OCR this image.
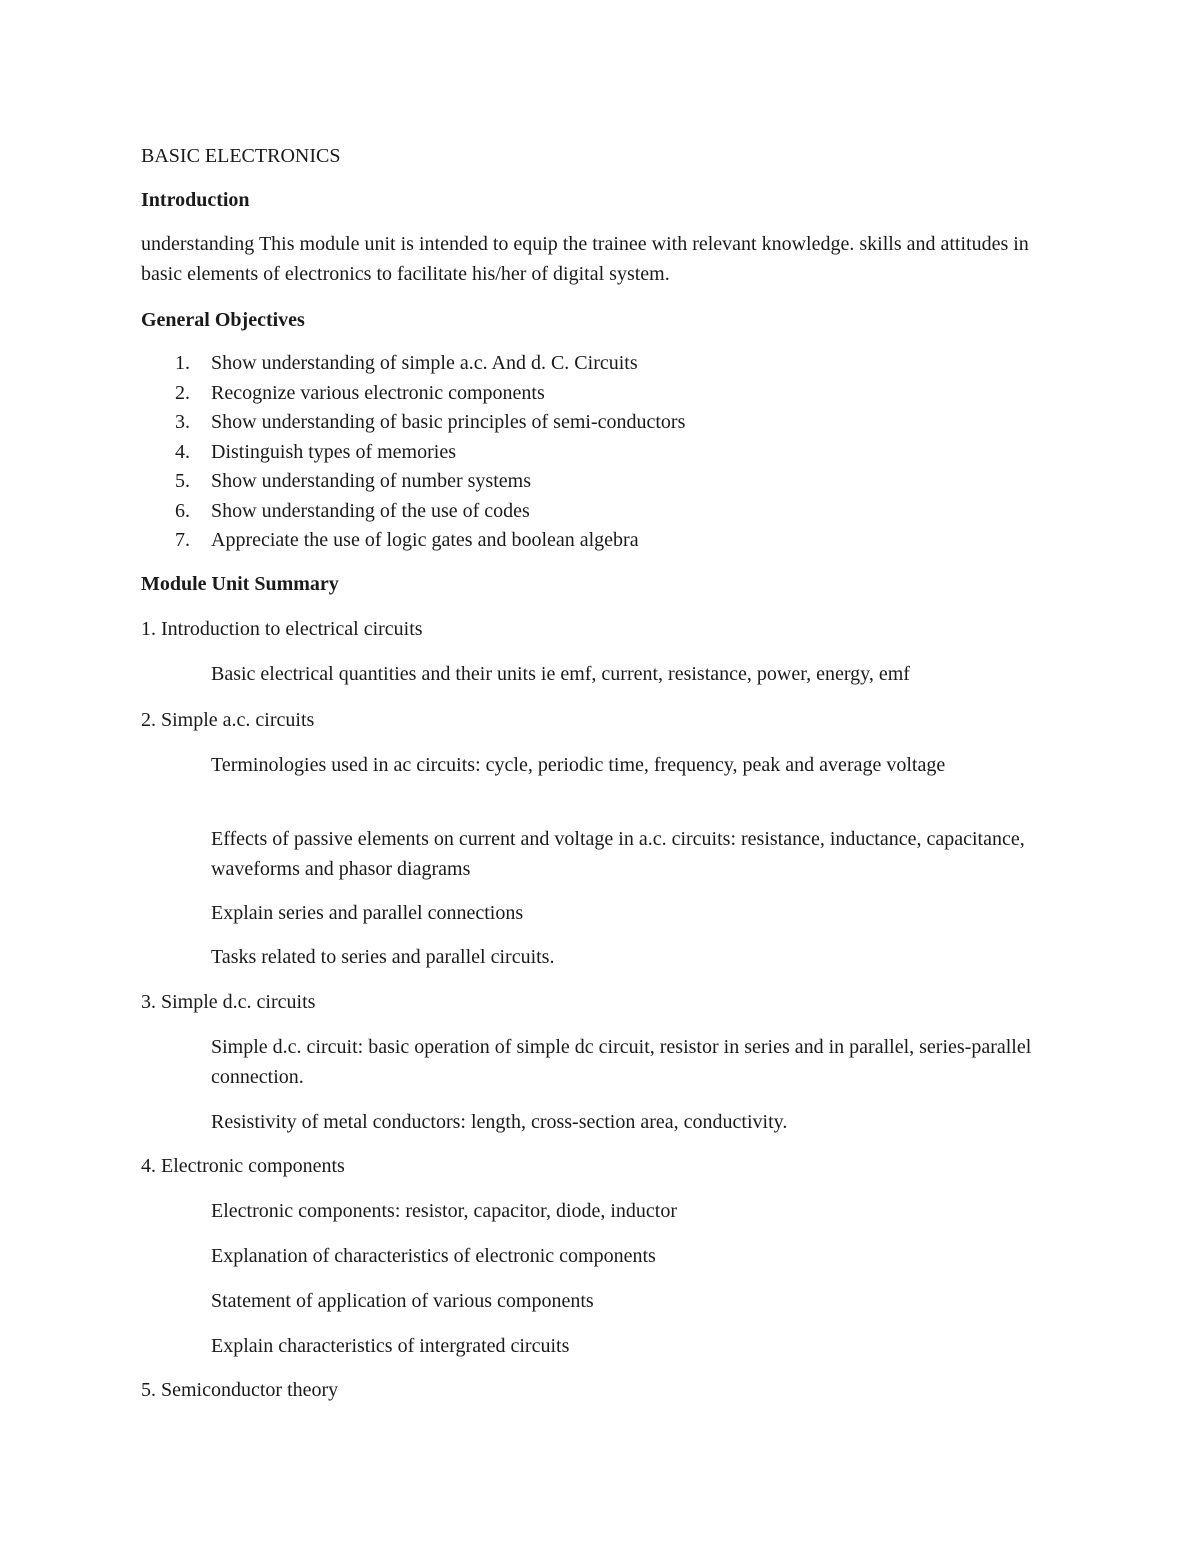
BASIC ELECTRONICS
Introduction

understanding This module unit is intended to equip the trainee with relevant knowledge. skills and attitudes in basic elements of electronics to facilitate his/her of digital system.

General Objectives
1. Show understanding of simple a.c. And d. C. Circuits
2. Recognize various electronic components
3. Show understanding of basic principles of semi-conductors
4. Distinguish types of memories
5. Show understanding of number systems
6. Show understanding of the use of codes
7. Appreciate the use of logic gates and boolean algebra
Module Unit Summary

1. Introduction to electrical circuits

Basic electrical quantities and their units ie emf, current, resistance, power, energy, emf

2. Simple a.c. circuits

Terminologies used in ac circuits: cycle, periodic time, frequency, peak and average voltage

Effects of passive elements on current and voltage in a.c. circuits: resistance, inductance, capacitance, waveforms and phasor diagrams

Explain series and parallel connections

Tasks related to series and parallel circuits.

3. Simple d.c. circuits

Simple d.c. circuit: basic operation of simple dc circuit, resistor in series and in parallel, series-parallel connection.

Resistivity of metal conductors: length, cross-section area, conductivity.

4. Electronic components

Electronic components: resistor, capacitor, diode, inductor

Explanation of characteristics of electronic components

Statement of application of various components

Explain characteristics of intergrated circuits

5. Semiconductor theory
